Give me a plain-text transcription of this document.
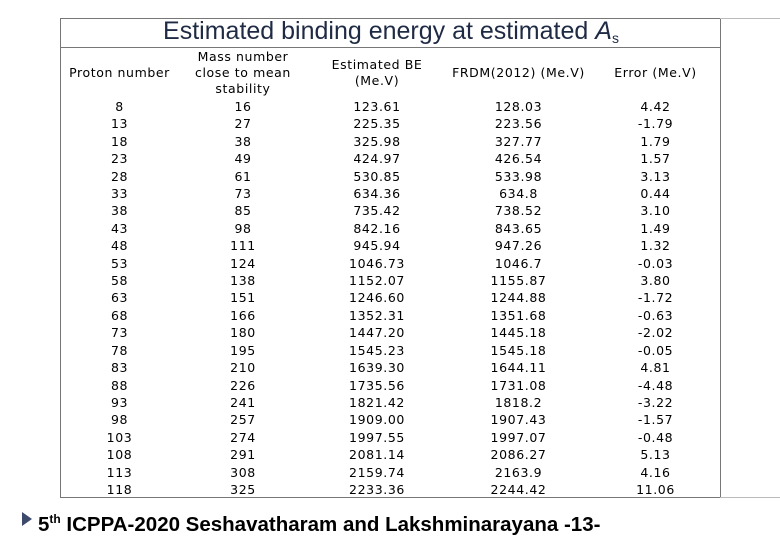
Estimated binding energy at estimated $A_s$
Proton number	Mass number close to mean stability	Estimated BE (Me.V)	FRDM(2012) (Me.V)	Error (Me.V)
8	16	123.61	128.03	4.42
13	27	225.35	223.56	-1.79
18	38	325.98	327.77	1.79
23	49	424.97	426.54	1.57
28	61	530.85	533.98	3.13
33	73	634.36	634.8	0.44
38	85	735.42	738.52	3.10
43	98	842.16	843.65	1.49
48	111	945.94	947.26	1.32
53	124	1046.73	1046.7	-0.03
58	138	1152.07	1155.87	3.80
63	151	1246.60	1244.88	-1.72
68	166	1352.31	1351.68	-0.63
73	180	1447.20	1445.18	-2.02
78	195	1545.23	1545.18	-0.05
83	210	1639.30	1644.11	4.81
88	226	1735.56	1731.08	-4.48
93	241	1821.42	1818.2	-3.22
98	257	1909.00	1907.43	-1.57
103	274	1997.55	1997.07	-0.48
108	291	2081.14	2086.27	5.13
113	308	2159.74	2163.9	4.16
118	325	2233.36	2244.42	11.06
5th ICPPA-2020 Seshavatharam and Lakshminarayana -13-
